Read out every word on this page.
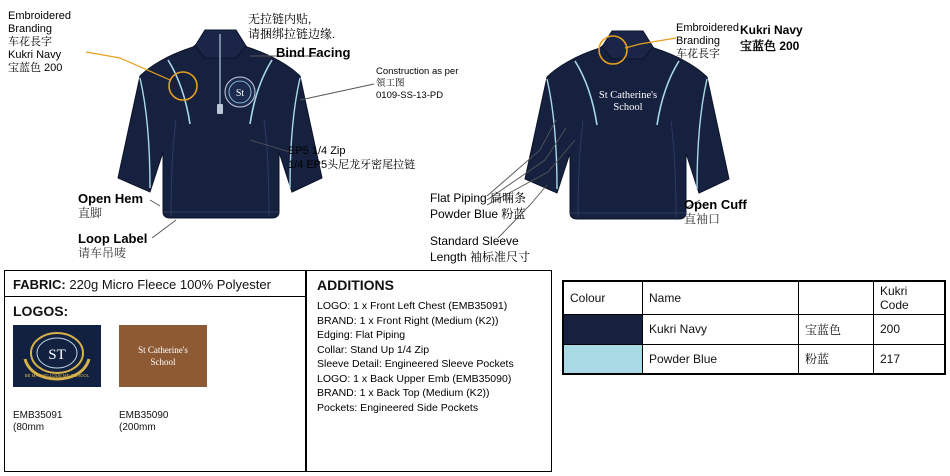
St	St Catherine's
School
Embroidered
Branding
车花長字
Kukri Navy
宝蓝色 200
无拉链内贴,
请捆绑拉链边缘.
Bind Facing
Construction as per
領工图
0109-SS-13-PD
EP5 1/4 Zip
1/4 EP5头尼龙牙密尾拉链
Open Hem
直脚
Loop Label
请车吊唛
Flat Piping 扁啢条
Powder Blue 粉蓝
Standard Sleeve
Length 袖标准尺寸
Embroidered
Branding
车花長字
Kukri Navy
宝蓝色 200
Open Cuff
直袖口
FABRIC: 220g Micro Fleece 100% Polyester
LOGOS:
ST
BE MARVELLOUS ME SCHOOL
EMB35091
(80mm
St Catherine's
School
EMB35090
(200mm
ADDITIONS
LOGO: 1 x Front Left Chest (EMB35091)
BRAND: 1 x Front Right (Medium (K2))
Edging: Flat Piping
Collar: Stand Up 1/4 Zip
Sleeve Detail: Engineered Sleeve Pockets
LOGO: 1 x Back Upper Emb (EMB35090)
BRAND: 1 x Back Top (Medium (K2))
Pockets: Engineered Side Pockets
Colour	Name		Kukri Code
	Kukri Navy	宝蓝色	200
	Powder Blue	粉蓝	217
